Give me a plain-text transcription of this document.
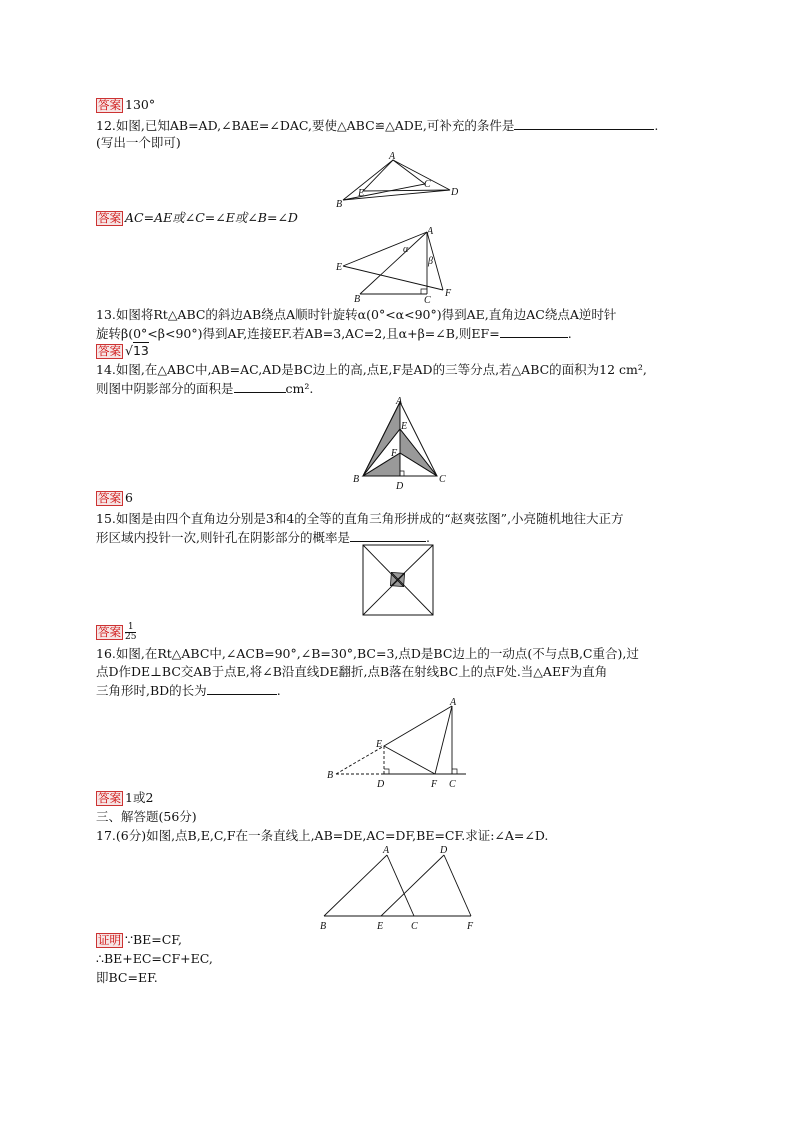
答案 130°
12.如图,已知AB=AD,∠BAE=∠DAC,要使△ABC≌△ADE,可补充的条件是	.
(写出一个即可)
A
B
C
D
E
答案 AC=AE或∠C=∠E或∠B=∠D
A
B	C
E
F
α
β
13.如图将Rt△ABC的斜边AB绕点A顺时针旋转α(0°<α<90°)得到AE,直角边AC绕点A逆时针
旋转β(0°<β<90°)得到AF,连接EF.若AB=3,AC=2,且α+β=∠B,则EF=	.
答案 √13
14.如图,在△ABC中,AB=AC,AD是BC边上的高,点E,F是AD的三等分点,若△ABC的面积为12 cm²,
则图中阴影部分的面积是	cm².
A
B	C
D
E
F
答案 6
15.如图是由四个直角边分别是3和4的全等的直角三角形拼成的“赵爽弦图”,小亮随机地往大正方
形区域内投针一次,则针孔在阴影部分的概率是	.
答案 $\frac{1}{25}$
16.如图,在Rt△ABC中,∠ACB=90°,∠B=30°,BC=3,点D是BC边上的一动点(不与点B,C重合),过
点D作DE⊥BC交AB于点E,将∠B沿直线DE翻折,点B落在射线BC上的点F处.当△AEF为直角
三角形时,BD的长为	.
A
B
C
D
E
F
答案 1或2
三、解答题(56分)
17.(6分)如图,点B,E,C,F在一条直线上,AB=DE,AC=DF,BE=CF.求证:∠A=∠D.
A
B	C
D
E	F
证明 ∵BE=CF,
∴BE+EC=CF+EC,
即BC=EF.
